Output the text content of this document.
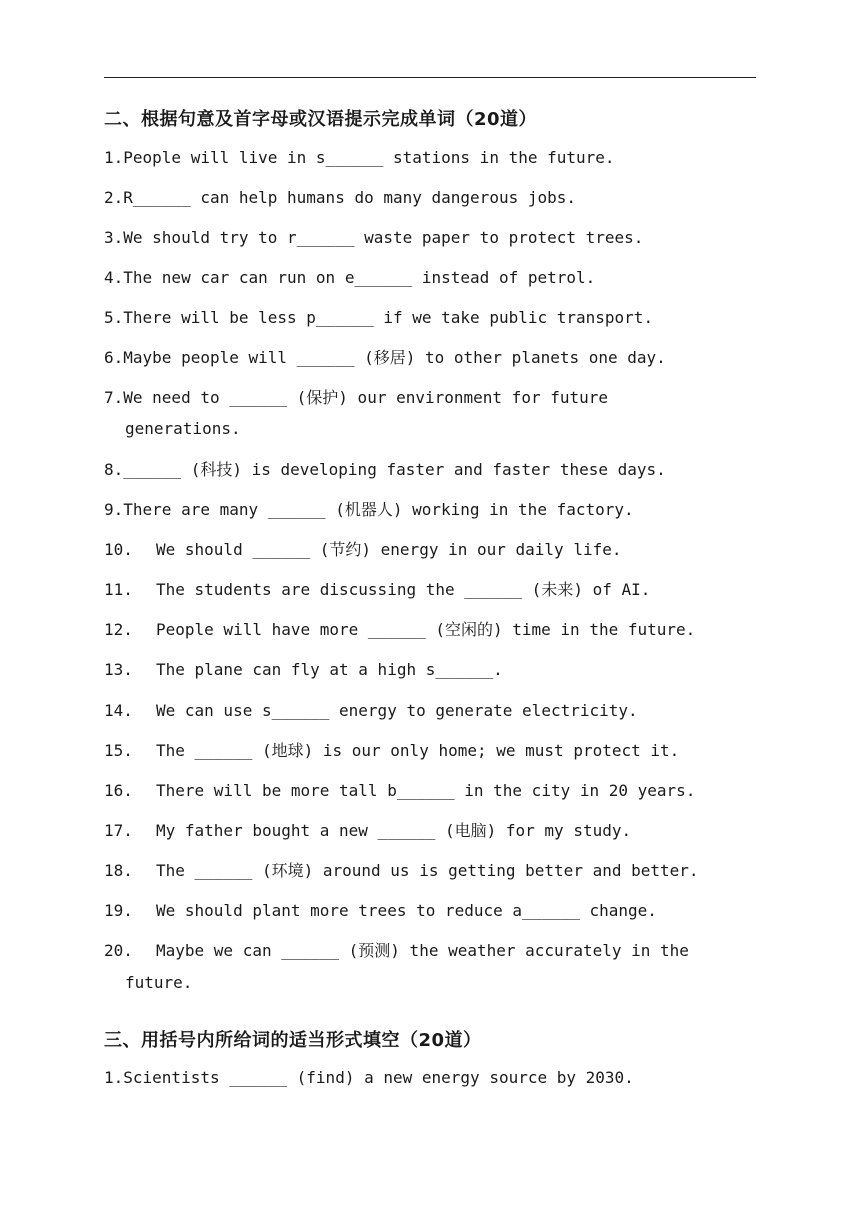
二、根据句意及首字母或汉语提示完成单词（20道）
1.People will live in s______ stations in the future.
2.R______ can help humans do many dangerous jobs.
3.We should try to r______ waste paper to protect trees.
4.The new car can run on e______ instead of petrol.
5.There will be less p______ if we take public transport.
6.Maybe people will ______ (移居) to other planets one day.
7.We need to ______ (保护) our environment for future
generations.
8.______ (科技) is developing faster and faster these days.
9.There are many ______ (机器人) working in the factory.
10. We should ______ (节约) energy in our daily life.
11. The students are discussing the ______ (未来) of AI.
12. People will have more ______ (空闲的) time in the future.
13. The plane can fly at a high s______.
14. We can use s______ energy to generate electricity.
15. The ______ (地球) is our only home; we must protect it.
16. There will be more tall b______ in the city in 20 years.
17. My father bought a new ______ (电脑) for my study.
18. The ______ (环境) around us is getting better and better.
19. We should plant more trees to reduce a______ change.
20. Maybe we can ______ (预测) the weather accurately in the
future.
三、用括号内所给词的适当形式填空（20道）
1.Scientists ______ (find) a new energy source by 2030.
